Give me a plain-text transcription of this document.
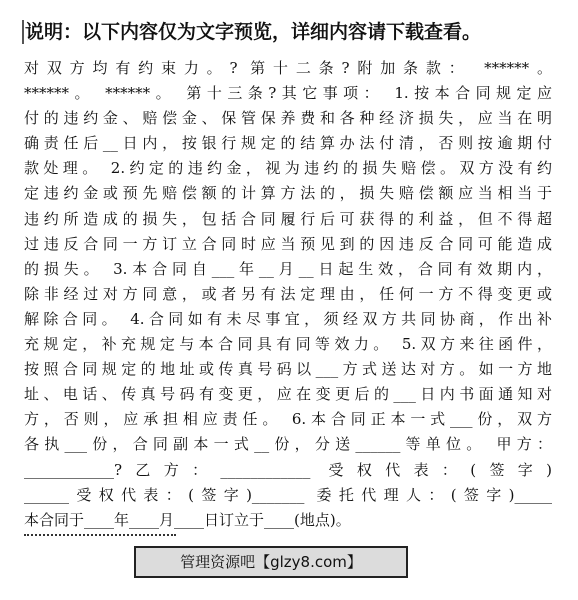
说明：以下内容仅为文字预览，详细内容请下载查看。
对双方均有约束力。? 第十二条?附加条款： ******。
******。 ******。 第十三条?其它事项： 1.按本合同规定应
付的违约金、赔偿金、保管保养费和各种经济损失，应当在明
确责任后__日内，按银行规定的结算办法付清，否则按逾期付
款处理。 2.约定的违约金，视为违约的损失赔偿。双方没有约
定违约金或预先赔偿额的计算方法的，损失赔偿额应当相当于
违约所造成的损失，包括合同履行后可获得的利益，但不得超
过违反合同一方订立合同时应当预见到的因违反合同可能造成
的损失。 3.本合同自___年__月__日起生效，合同有效期内，
除非经过对方同意，或者另有法定理由，任何一方不得变更或
解除合同。 4.合同如有未尽事宜，须经双方共同协商，作出补
充规定，补充规定与本合同具有同等效力。 5.双方来往函件，
按照合同规定的地址或传真号码以___方式送达对方。如一方地
址、电话、传真号码有变更，应在变更后的___日内书面通知对
方，否则，应承担相应责任。 6.本合同正本一式___份，双方
各执___份，合同副本一式__份，分送______等单位。 甲方：
____________?乙方：____________ 受权代表：(签字)
______受权代表：(签字)_______ 委托代理人：(签字)_____
本合同于____年____月____日订立于____(地点)。
管理资源吧【glzy8.com】
